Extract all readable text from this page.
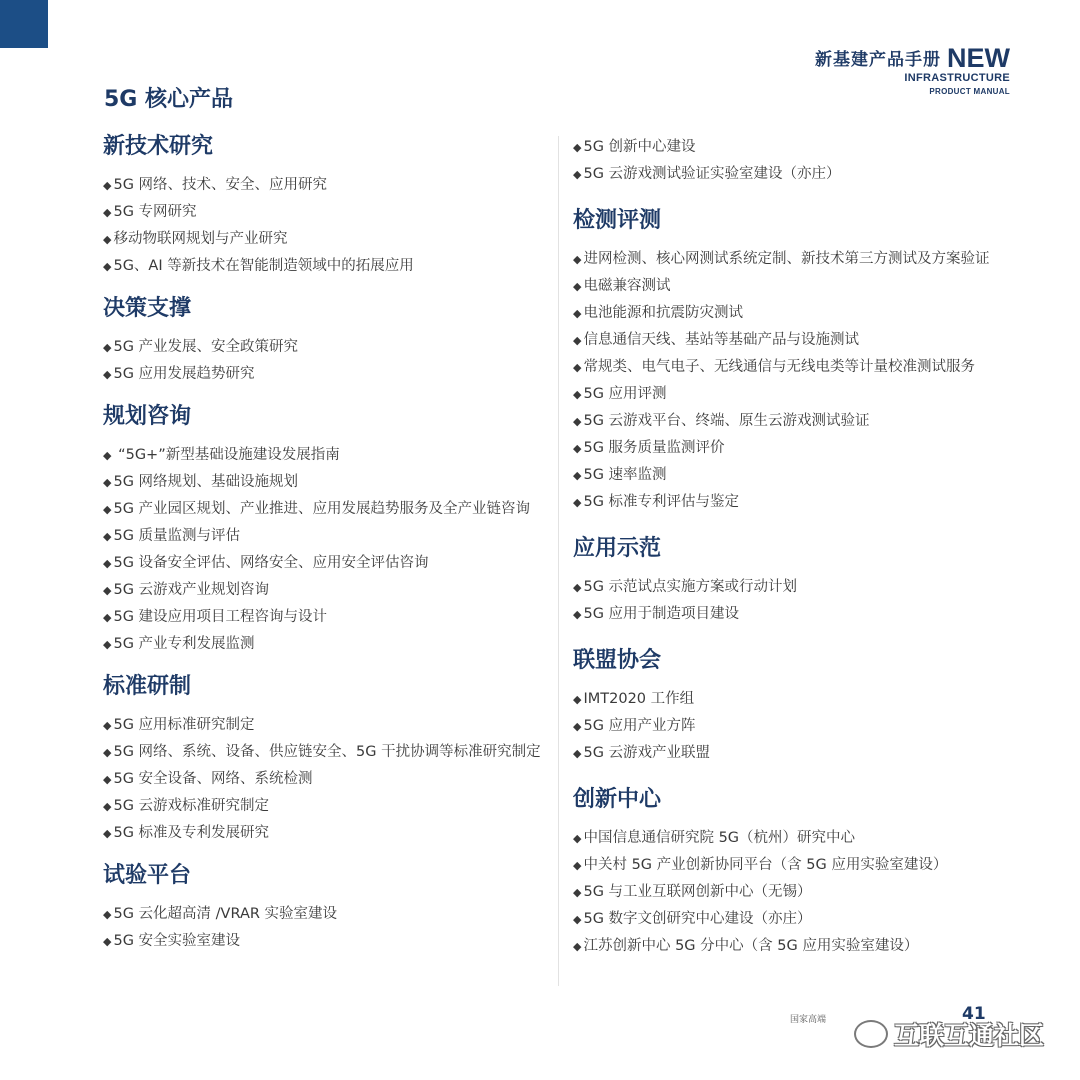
新基建产品手册 NEW
INFRASTRUCTURE
PRODUCT MANUAL
5G 核心产品
新技术研究
◆ 5G 网络、技术、安全、应用研究
◆ 5G 专网研究
◆ 移动物联网规划与产业研究
◆ 5G、AI 等新技术在智能制造领域中的拓展应用
决策支撑
◆ 5G 产业发展、安全政策研究
◆ 5G 应用发展趋势研究
规划咨询
◆ “5G+”新型基础设施建设发展指南
◆ 5G 网络规划、基础设施规划
◆ 5G 产业园区规划、产业推进、应用发展趋势服务及全产业链咨询
◆ 5G 质量监测与评估
◆ 5G 设备安全评估、网络安全、应用安全评估咨询
◆ 5G 云游戏产业规划咨询
◆ 5G 建设应用项目工程咨询与设计
◆ 5G 产业专利发展监测
标准研制
◆ 5G 应用标准研究制定
◆ 5G 网络、系统、设备、供应链安全、5G 干扰协调等标准研究制定
◆ 5G 安全设备、网络、系统检测
◆ 5G 云游戏标准研究制定
◆ 5G 标准及专利发展研究
试验平台
◆ 5G 云化超高清 /VRAR 实验室建设
◆ 5G 安全实验室建设
◆ 5G 创新中心建设
◆ 5G 云游戏测试验证实验室建设（亦庄）
检测评测
◆ 进网检测、核心网测试系统定制、新技术第三方测试及方案验证
◆ 电磁兼容测试
◆ 电池能源和抗震防灾测试
◆ 信息通信天线、基站等基础产品与设施测试
◆ 常规类、电气电子、无线通信与无线电类等计量校准测试服务
◆ 5G 应用评测
◆ 5G 云游戏平台、终端、原生云游戏测试验证
◆ 5G 服务质量监测评价
◆ 5G 速率监测
◆ 5G 标准专利评估与鉴定
应用示范
◆ 5G 示范试点实施方案或行动计划
◆ 5G 应用于制造项目建设
联盟协会
◆ IMT2020 工作组
◆ 5G 应用产业方阵
◆ 5G 云游戏产业联盟
创新中心
◆ 中国信息通信研究院 5G（杭州）研究中心
◆ 中关村 5G 产业创新协同平台（含 5G 应用实验室建设）
◆ 5G 与工业互联网创新中心（无锡）
◆ 5G 数字文创研究中心建设（亦庄）
◆ 江苏创新中心 5G 分中心（含 5G 应用实验室建设）
国家高端	41
互联互通社区
